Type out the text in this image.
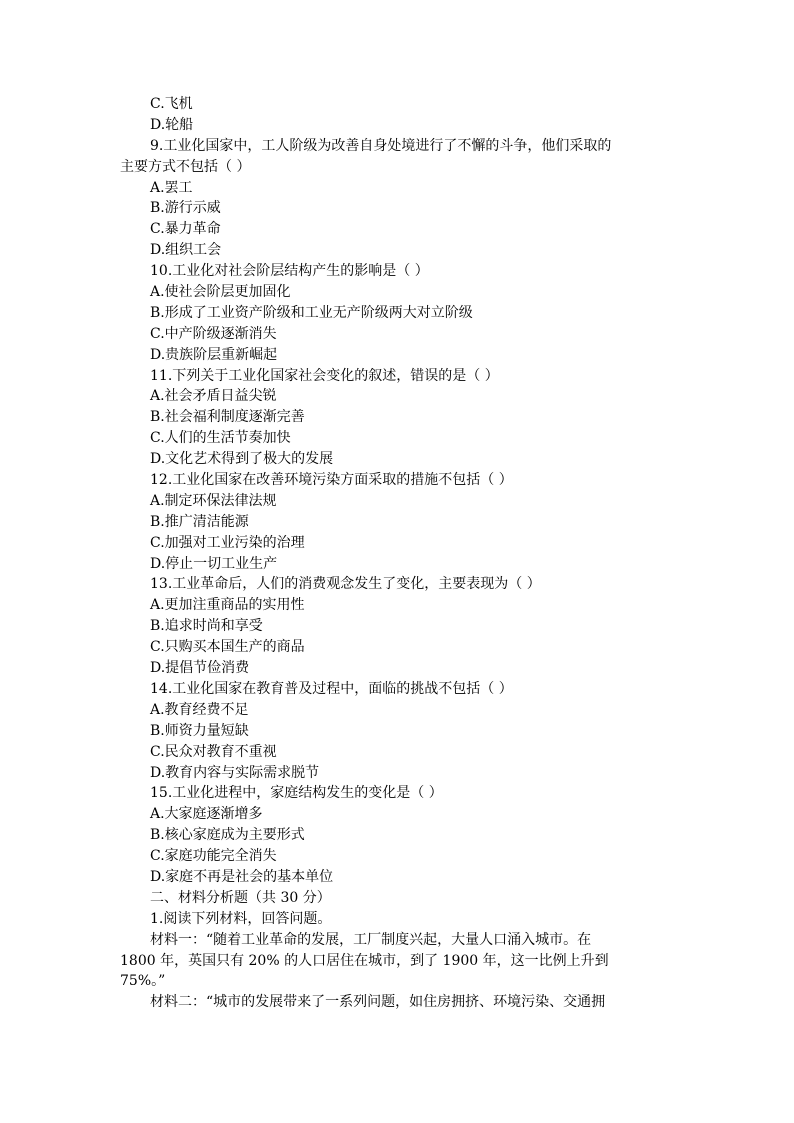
C.飞机
D.轮船
9.工业化国家中，工人阶级为改善自身处境进行了不懈的斗争，他们采取的
主要方式不包括（ ）
A.罢工
B.游行示威
C.暴力革命
D.组织工会
10.工业化对社会阶层结构产生的影响是（ ）
A.使社会阶层更加固化
B.形成了工业资产阶级和工业无产阶级两大对立阶级
C.中产阶级逐渐消失
D.贵族阶层重新崛起
11.下列关于工业化国家社会变化的叙述，错误的是（ ）
A.社会矛盾日益尖锐
B.社会福利制度逐渐完善
C.人们的生活节奏加快
D.文化艺术得到了极大的发展
12.工业化国家在改善环境污染方面采取的措施不包括（ ）
A.制定环保法律法规
B.推广清洁能源
C.加强对工业污染的治理
D.停止一切工业生产
13.工业革命后，人们的消费观念发生了变化，主要表现为（ ）
A.更加注重商品的实用性
B.追求时尚和享受
C.只购买本国生产的商品
D.提倡节俭消费
14.工业化国家在教育普及过程中，面临的挑战不包括（ ）
A.教育经费不足
B.师资力量短缺
C.民众对教育不重视
D.教育内容与实际需求脱节
15.工业化进程中，家庭结构发生的变化是（ ）
A.大家庭逐渐增多
B.核心家庭成为主要形式
C.家庭功能完全消失
D.家庭不再是社会的基本单位
二、材料分析题（共 30 分）
1.阅读下列材料，回答问题。
材料一：“随着工业革命的发展，工厂制度兴起，大量人口涌入城市。在
1800 年，英国只有 20% 的人口居住在城市，到了 1900 年，这一比例上升到
75%。”
材料二：“城市的发展带来了一系列问题，如住房拥挤、环境污染、交通拥
